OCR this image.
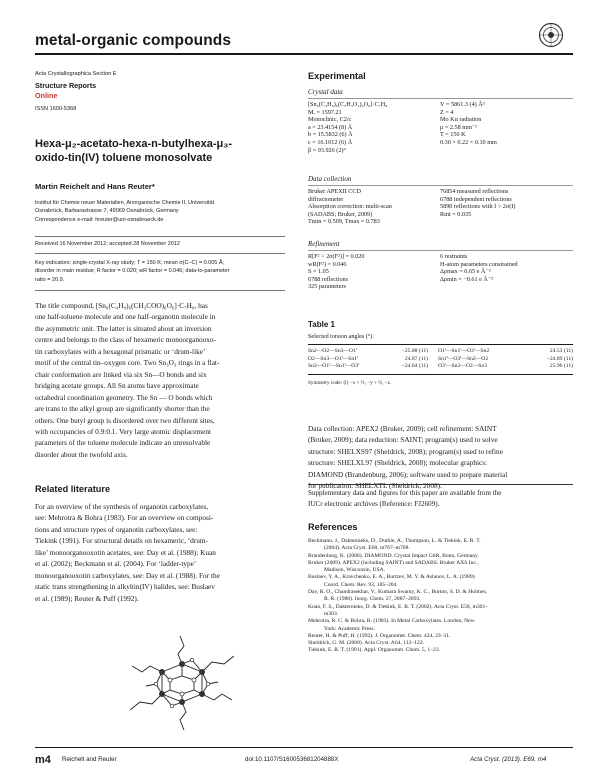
metal-organic compounds
Acta Crystallographica Section E
Structure Reports
Online
ISSN 1600-5368
Hexa-μ₂-acetato-hexa-n-butylhexa-μ₃-
oxido-tin(IV) toluene monosolvate
Martin Reichelt and Hans Reuter*
Institut für Chemie neuer Materialien, Anorganische Chemie II, Universität
Osnabrück, Barbarastrasse 7, 49069 Osnabrück, Germany
Correspondence e-mail: hreuter@uni-osnabrueck.de
Received 16 November 2012; accepted 28 November 2012
Key indicators: single-crystal X-ray study; T = 150 K; mean σ(C–C) = 0.005 Å;
disorder in main residue; R factor = 0.020; wR factor = 0.046; data-to-parameter
ratio = 20.9.

The title compound, [Sn₆(C₄H₉)₆(CH₃COO)₆O₆]·C₇H₈, has

one half-toluene molecule and one half-organotin molecule in

the asymmetric unit. The latter is situated about an inversion

centre and belongs to the class of hexameric monoorganooxo-

tin carboxylates with a hexagonal prismatic or ‘drum-like’

motif of the central tin–oxygen core. Two Sn₃O₃ rings in a flat-

chair conformation are linked via six Sn—O bonds and six

bridging acetate groups. All Sn atoms have approximate

octahedral coordination geometry. The Sn — O bonds which

are trans to the alkyl group are significantly shorter than the

others. One butyl group is disordered over two different sites,

with occupancies of 0.9:0.1. Very large atomic displacement

parameters of the toluene molecule indicate an unresolvable

disorder about the twofold axis.

Related literature

For an overview of the synthesis of organotin carboxylates,

see: Mehrotra & Bohra (1983). For an overview on composi-

tions and structure types of organotin carboxylates, see:

Tiekink (1991). For structural details on hexameric, ‘drum-

like’ monoorganooxotin acetates, see: Day et al. (1988); Kuan

et al. (2002); Beckmann et al. (2004). For ‘ladder-type’

monoorganooxotin carboxylates, see: Day et al. (1988). For the

static trans strengthening in alkyltin(IV) halides, see: Buslaev

et al. (1989); Reuter & Puff (1992).

Experimental
Crystal data
[Sn₆(C₄H₉)₆(C₂H₃O₂)₆O₆]·C₇H₈
Mᵣ = 1597.21
Monoclinic, C2/c
a = 23.4154 (8) Å
b = 15.5832 (6) Å
c = 16.1012 (6) Å
β = 93.926 (2)°
V = 5861.3 (4) Å³
Z = 4
Mo Kα radiation
μ = 2.58 mm⁻¹
T = 150 K
0.30 × 0.22 × 0.10 mm
Data collection
Bruker APEXII CCD
diffractometer
Absorption correction: multi-scan
(SADABS; Bruker, 2009)
Tmin = 0.509, Tmax = 0.783
76854 measured reflections
6788 independent reflections
5890 reflections with I > 2σ(I)
Rint = 0.035
Refinement
R[F² > 2σ(F²)] = 0.020
wR(F²) = 0.046
S = 1.05
6788 reflections
325 parameters
6 restraints
H-atom parameters constrained
Δρmax = 0.65 e Å⁻³
Δρmin = −0.61 e Å⁻³
Table 1
Selected torsion angles (°).
Sn2—O2—Sn3—O1ⁱ	−25.88 (11)	O1ⁱ—Sn1ⁱ—O3ⁱ—Sn2	24.53 (11)
O2—Sn3—O1ⁱ—Sn1ⁱ	24.87 (11)	Sn1ⁱ—O3ⁱ—Sn2—O2	−24.89 (11)
Sn3—O1ⁱ—Sn1ⁱ—O3ⁱ	−24.64 (11)	O3ⁱ—Sn2—O2—Sn3	25.96 (11)
Symmetry code: (i) −x + ½, −y + ½, −z.

Data collection: APEX2 (Bruker, 2009); cell refinement: SAINT

(Bruker, 2009); data reduction: SAINT; program(s) used to solve

structure: SHELXS97 (Sheldrick, 2008); program(s) used to refine

structure: SHELXL97 (Sheldrick, 2008); molecular graphics:

DIAMOND (Brandenburg, 2006); software used to prepare material

for publication: SHELXTL (Sheldrick, 2008).

Supplementary data and figures for this paper are available from the

IUCr electronic archives (Reference: FJ2609).

References
Beckmann, J., Dakternieks, D., Duthie, A., Thompson, L. & Tiekink, E. R. T.
(2004). Acta Cryst. E60, m767–m768.
Brandenburg, K. (2006). DIAMOND. Crystal Impact GbR, Bonn, Germany.
Bruker (2009). APEX2 (including SAINT) and SADABS. Bruker AXS Inc.,
Madison, Wisconsin, USA.
Buslaev, Y. A., Kravchenko, E. A., Burtzev, M. Y. & Aslanov, L. A. (1989).
Coord. Chem. Rev. 93, 185–204.
Day, R. O., Chandrasekhar, V., Kumara Swamy, K. C., Burton, S. D. & Holmes,
R. R. (1988). Inorg. Chem. 27, 2887–2893.
Kuan, F. S., Dakternieks, D. & Tiekink, E. R. T. (2002). Acta Cryst. E58, m301–
m303.
Mehrotra, R. C. & Bohra, R. (1983). In Metal Carboxylates. London, New
York: Academic Press.
Reuter, H. & Puff, H. (1992). J. Organomet. Chem. 424, 23–31.
Sheldrick, G. M. (2008). Acta Cryst. A64, 112–122.
Tiekink, E. R. T. (1991). Appl. Organomet. Chem. 5, 1–23.
m4 Reichelt and Reuter	doi:10.1107/S160053681204888X	Acta Cryst. (2013). E69, m4
